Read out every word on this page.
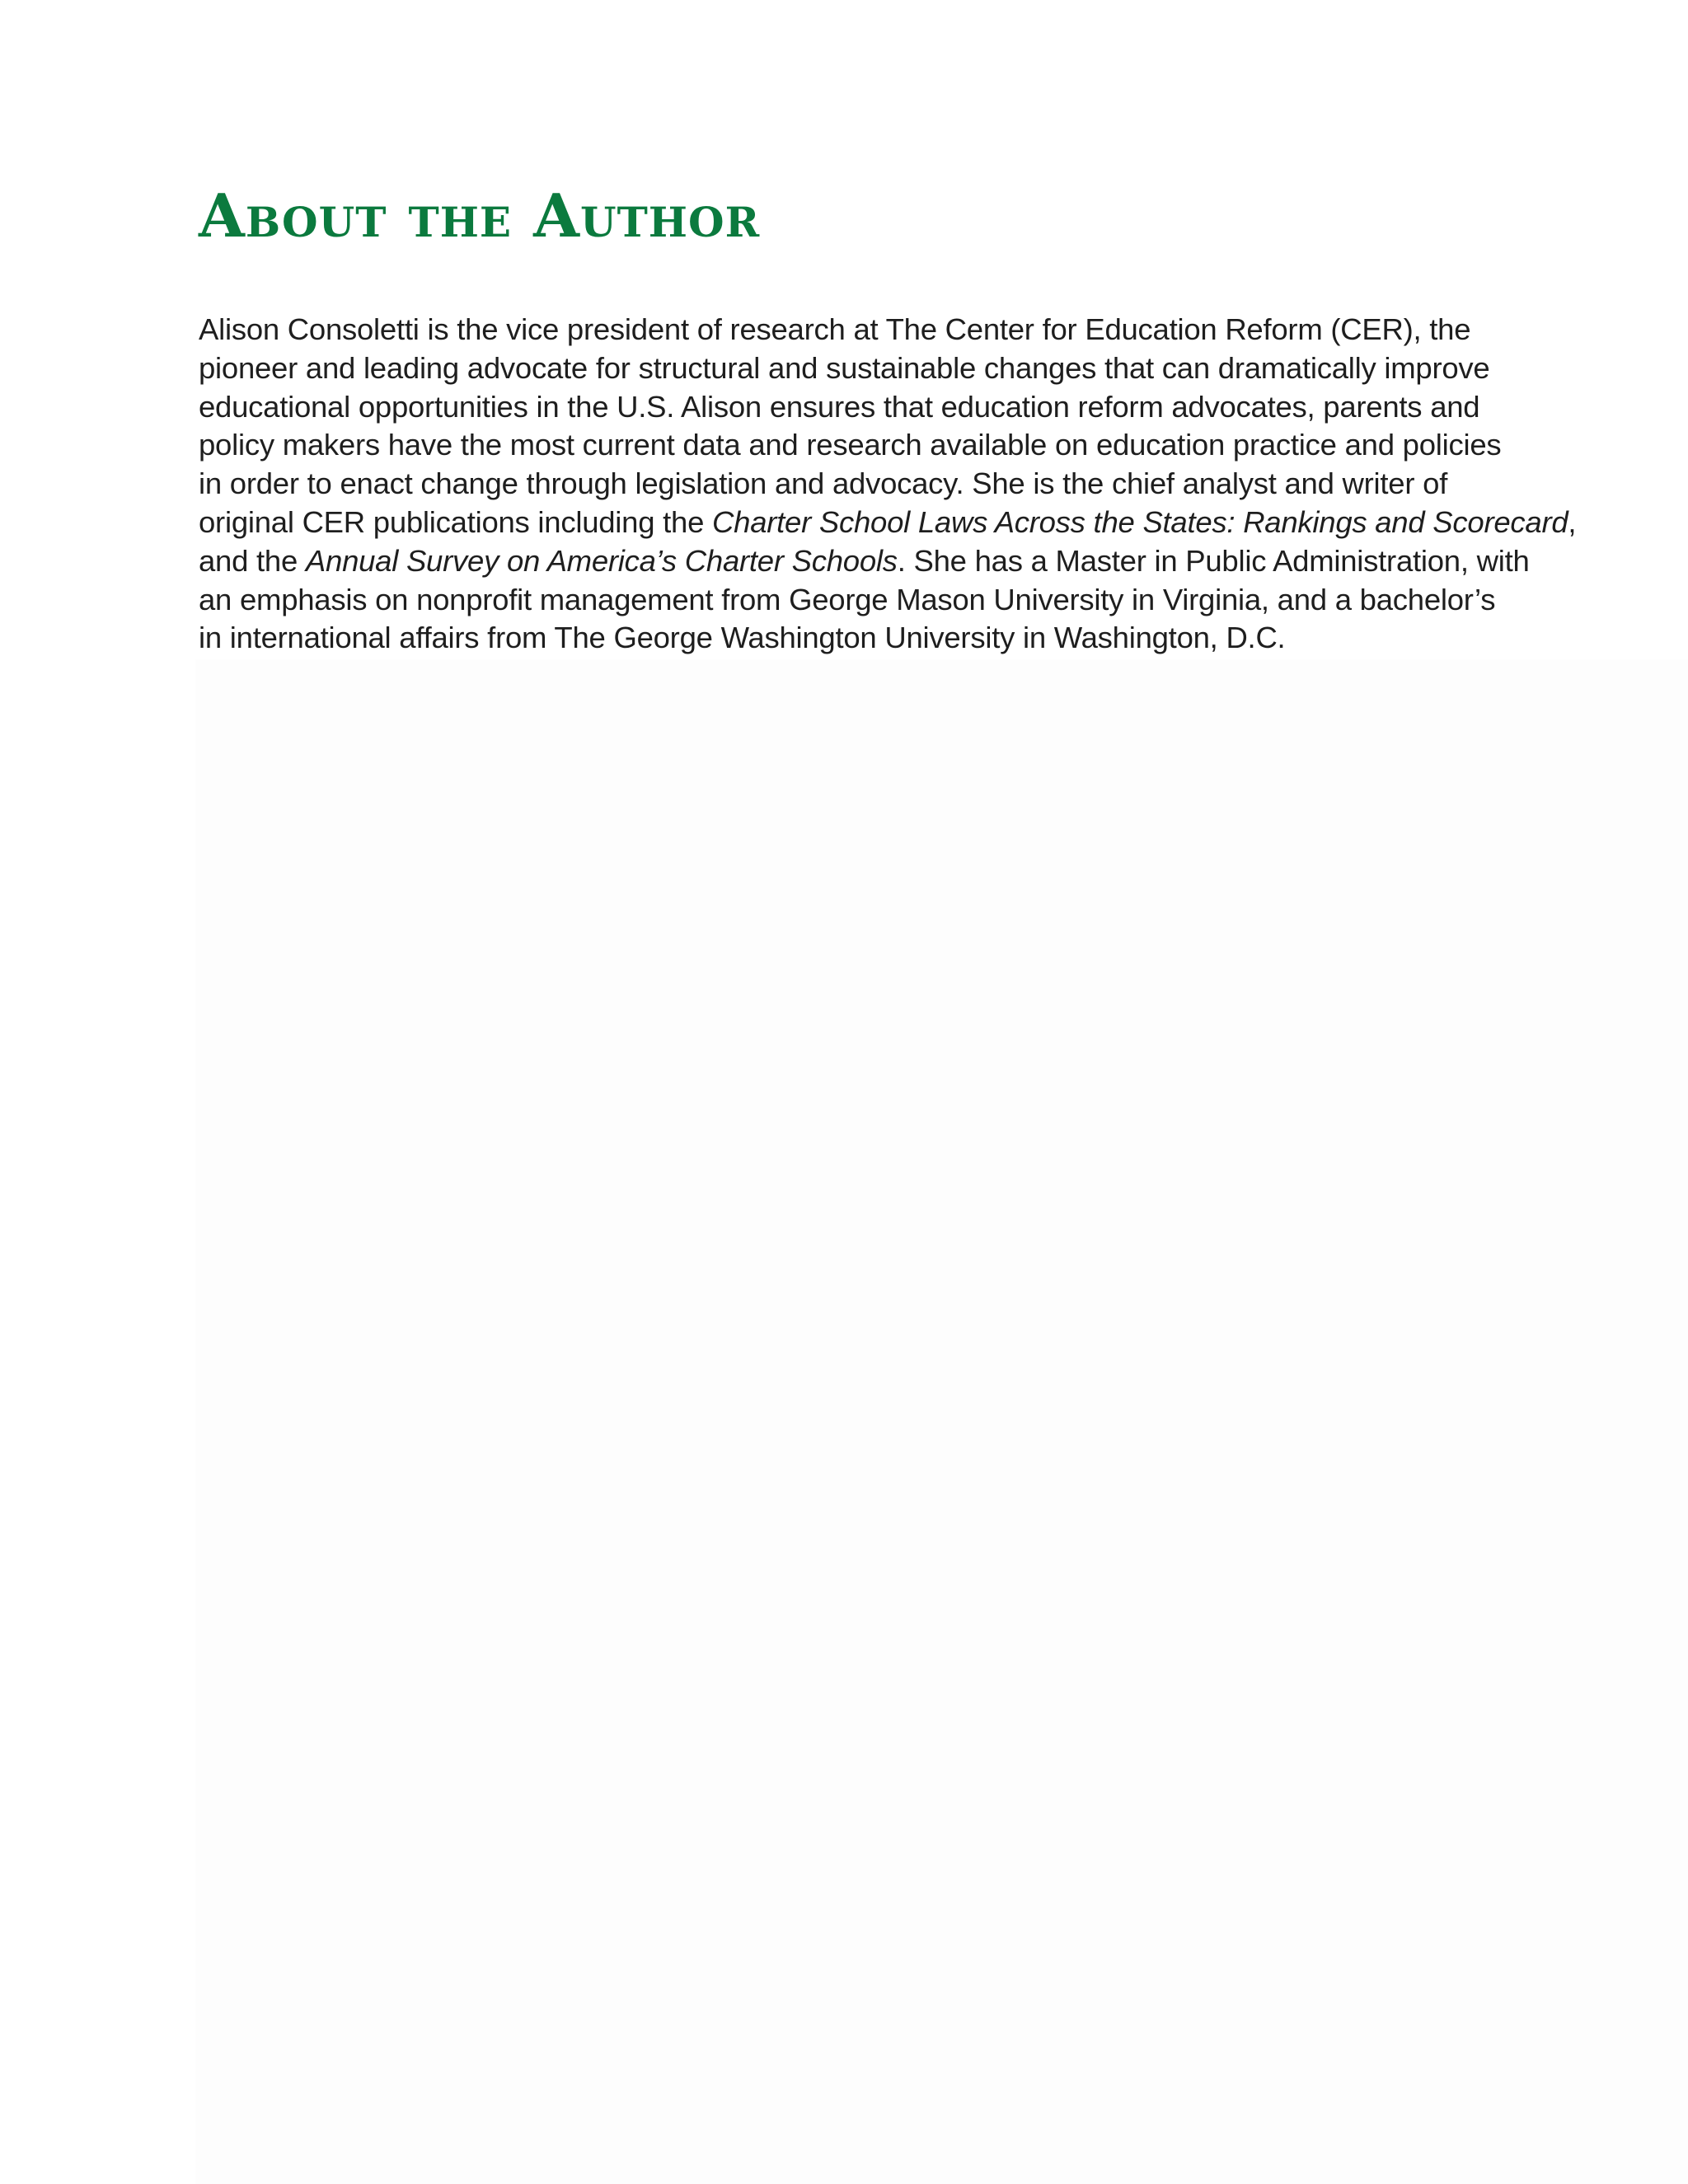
About the Author

Alison Consoletti is the vice president of research at The Center for Education Reform (CER), the
pioneer and leading advocate for structural and sustainable changes that can dramatically improve
educational opportunities in the U.S. Alison ensures that education reform advocates, parents and
policy makers have the most current data and research available on education practice and policies
in order to enact change through legislation and advocacy. She is the chief analyst and writer of
original CER publications including the Charter School Laws Across the States: Rankings and Scorecard,
and the Annual Survey on America’s Charter Schools. She has a Master in Public Administration, with
an emphasis on nonprofit management from George Mason University in Virginia, and a bachelor’s
in international affairs from The George Washington University in Washington, D.C.
